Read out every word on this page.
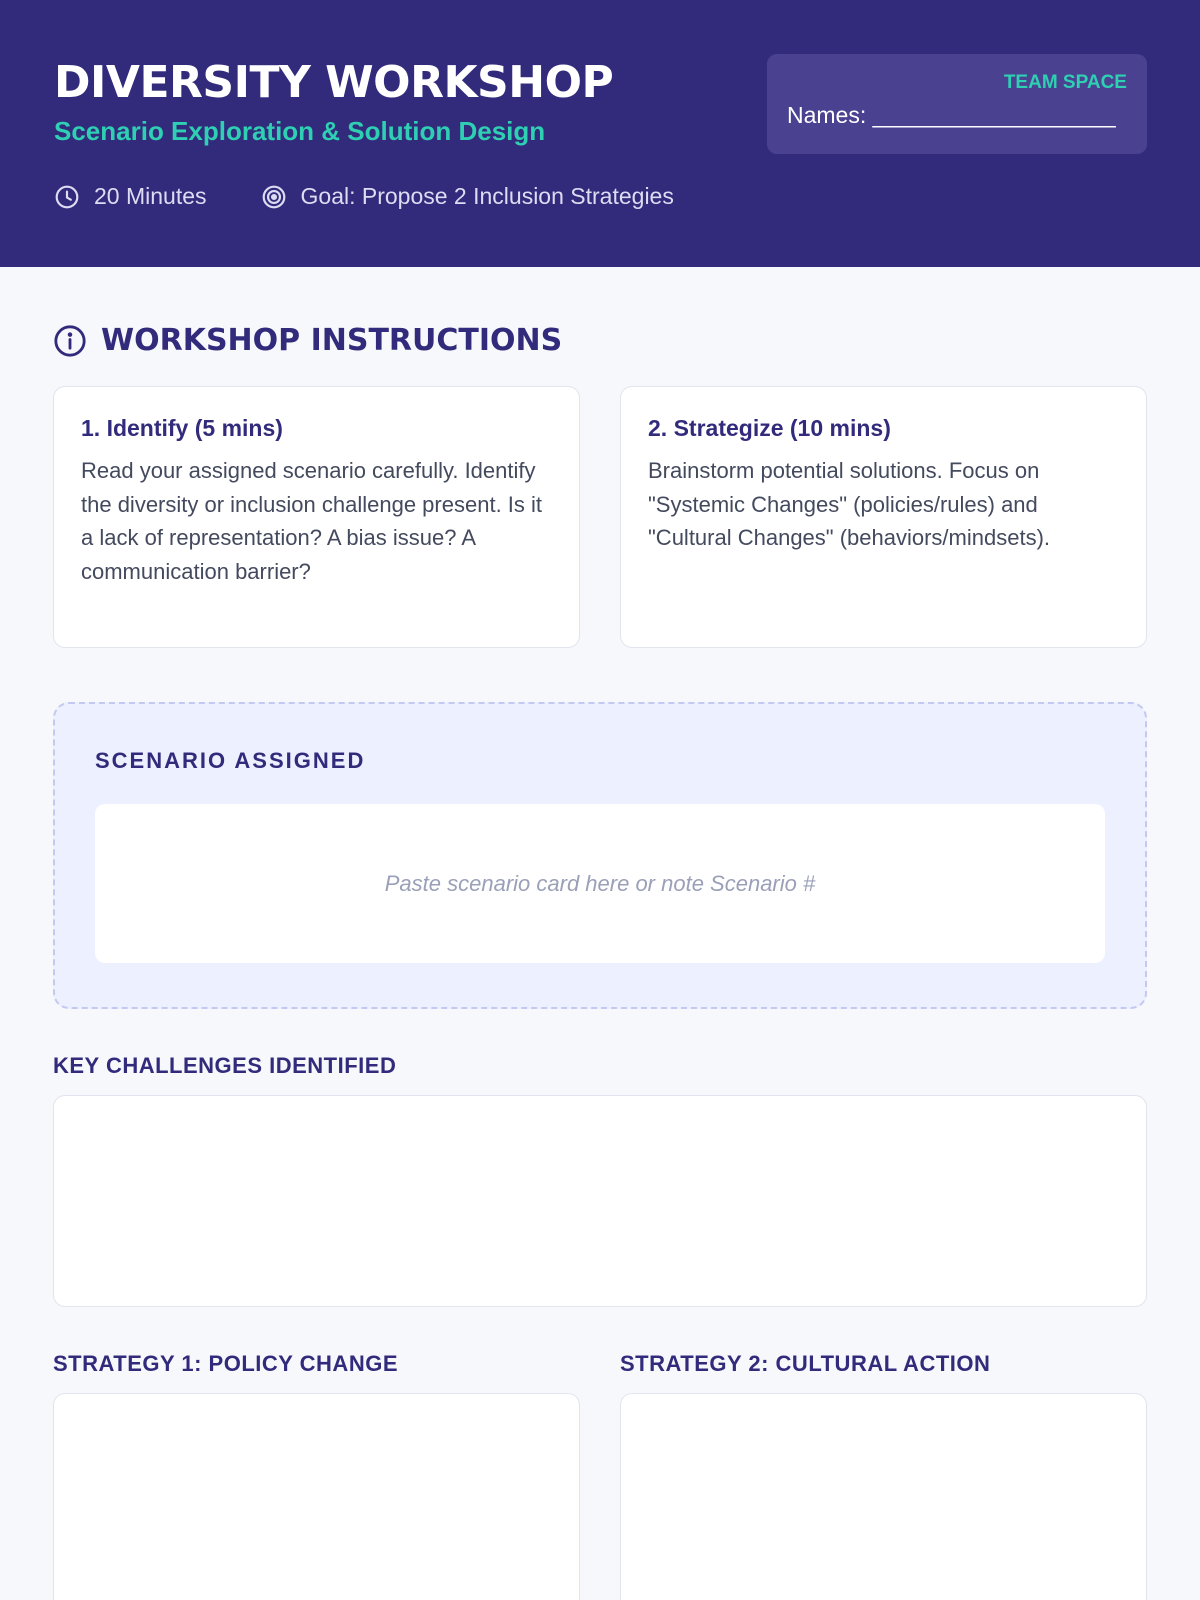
DIVERSITY WORKSHOP
Scenario Exploration & Solution Design
20 Minutes	Goal: Propose 2 Inclusion Strategies
TEAM SPACE
Names: ___________________
WORKSHOP INSTRUCTIONS
1. Identify (5 mins)

Read your assigned scenario carefully. Identify the diversity or inclusion challenge present. Is it a lack of representation? A bias issue? A communication barrier?

2. Strategize (10 mins)

Brainstorm potential solutions. Focus on "Systemic Changes" (policies/rules) and "Cultural Changes" (behaviors/mindsets).

SCENARIO ASSIGNED
Paste scenario card here or note Scenario #
KEY CHALLENGES IDENTIFIED
STRATEGY 1: POLICY CHANGE	STRATEGY 2: CULTURAL ACTION
